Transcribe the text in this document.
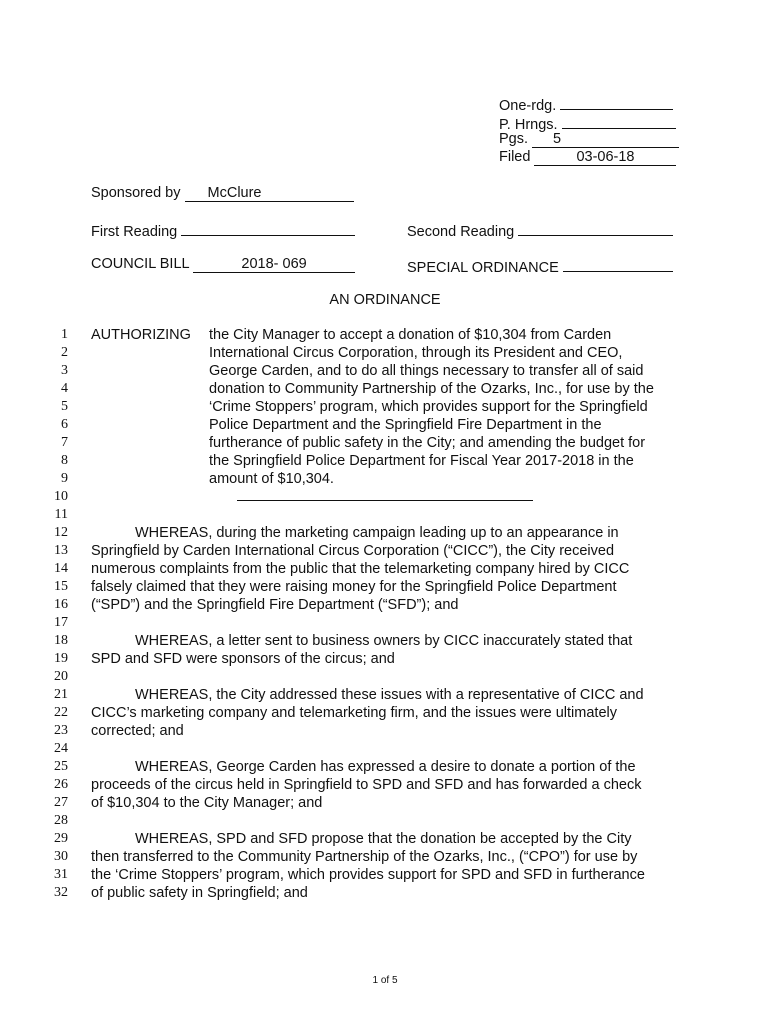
One-rdg.
P. Hrngs.
Pgs. 5
Filed	03-06-18
Sponsored by McClure
First Reading	Second Reading
COUNCIL BILL	2018- 069	SPECIAL ORDINANCE
AN ORDINANCE
1
2
3
4
5
6
7
8
9
10
11
12
13
14
15
16
17
18
19
20
21
22
23
24
25
26
27
28
29
30
31
32
AUTHORIZING the City Manager to accept a donation of $10,304 from Carden
International Circus Corporation, through its President and CEO,
George Carden, and to do all things necessary to transfer all of said
donation to Community Partnership of the Ozarks, Inc., for use by the
‘Crime Stoppers’ program, which provides support for the Springfield
Police Department and the Springfield Fire Department in the
furtherance of public safety in the City; and amending the budget for
the Springfield Police Department for Fiscal Year 2017-2018 in the
amount of $10,304.
WHEREAS, during the marketing campaign leading up to an appearance in
Springfield by Carden International Circus Corporation (“CICC”), the City received
numerous complaints from the public that the telemarketing company hired by CICC
falsely claimed that they were raising money for the Springfield Police Department
(“SPD”) and the Springfield Fire Department (“SFD”); and
WHEREAS, a letter sent to business owners by CICC inaccurately stated that
SPD and SFD were sponsors of the circus; and
WHEREAS, the City addressed these issues with a representative of CICC and
CICC’s marketing company and telemarketing firm, and the issues were ultimately
corrected; and
WHEREAS, George Carden has expressed a desire to donate a portion of the
proceeds of the circus held in Springfield to SPD and SFD and has forwarded a check
of $10,304 to the City Manager; and
WHEREAS, SPD and SFD propose that the donation be accepted by the City
then transferred to the Community Partnership of the Ozarks, Inc., (“CPO”) for use by
the ‘Crime Stoppers’ program, which provides support for SPD and SFD in furtherance
of public safety in Springfield; and
1 of 5
